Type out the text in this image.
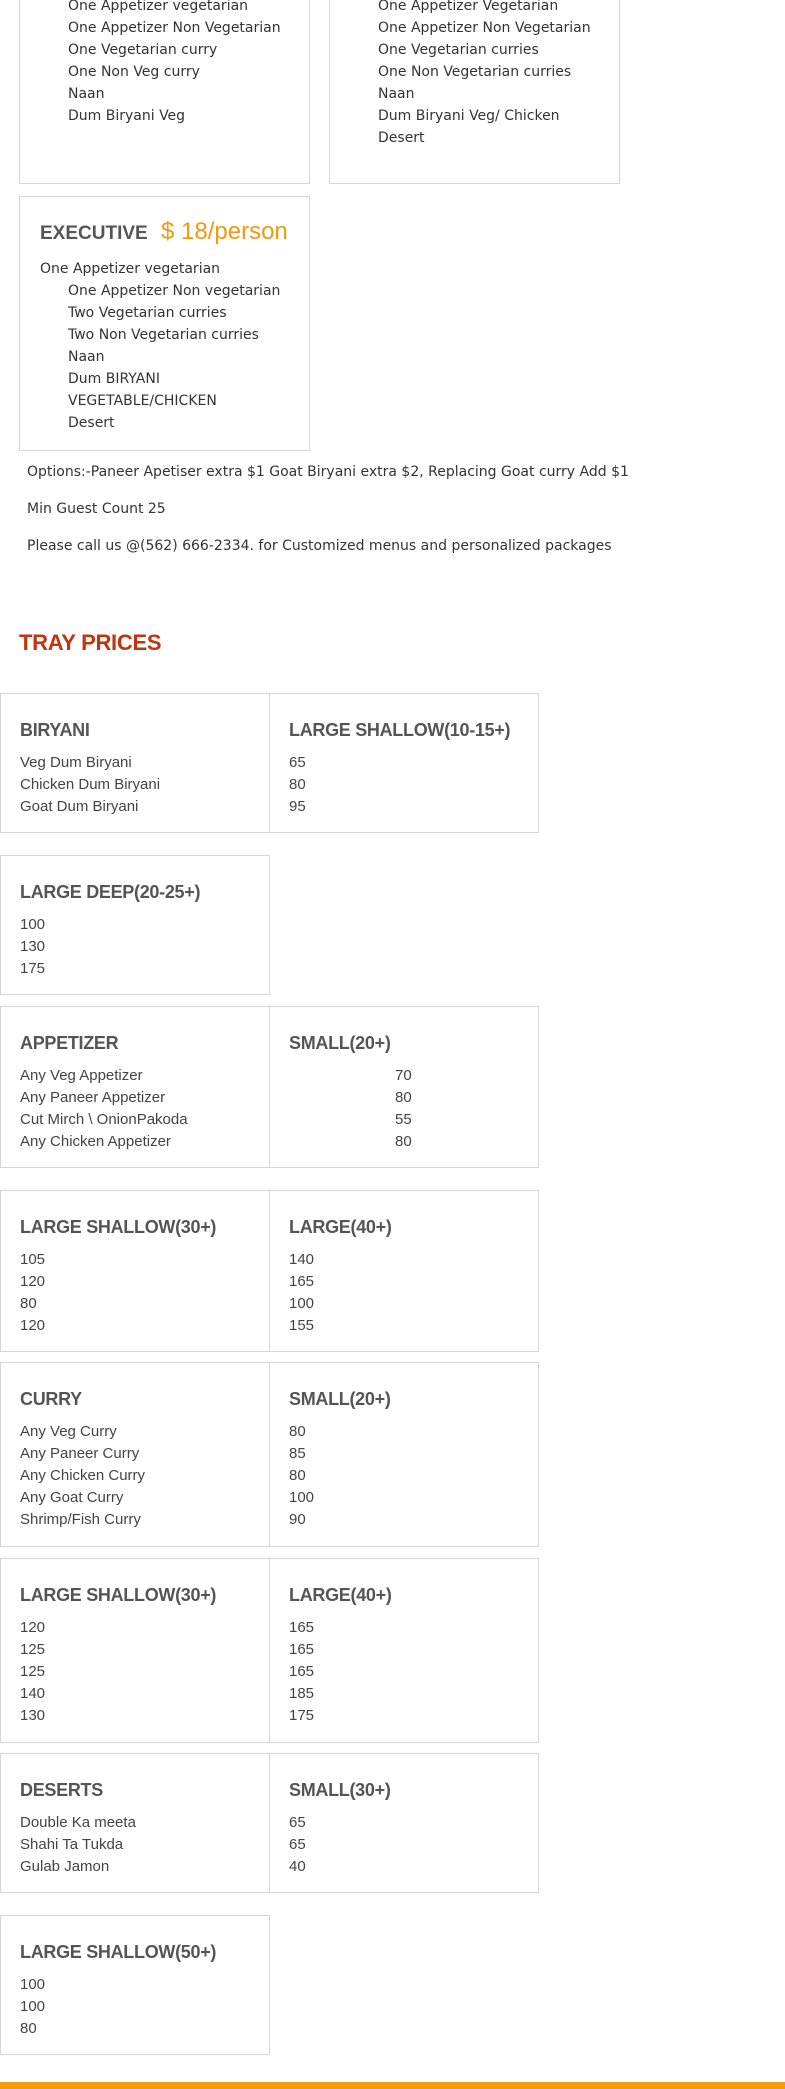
One Appetizer vegetarian
One Appetizer Non Vegetarian
One Vegetarian curry
One Non Veg curry
Naan
Dum Biryani Veg
One Appetizer Vegetarian
One Appetizer Non Vegetarian
One Vegetarian curries
One Non Vegetarian curries
Naan
Dum Biryani Veg/ Chicken
Desert
EXECUTIVE $ 18/person
One Appetizer vegetarian
One Appetizer Non vegetarian
Two Vegetarian curries
Two Non Vegetarian curries
Naan
Dum BIRYANI
VEGETABLE/CHICKEN
Desert
Options:-Paneer Apetiser extra $1 Goat Biryani extra $2, Replacing Goat curry Add $1
Min Guest Count 25
Please call us @(562) 666-2334. for Customized menus and personalized packages
TRAY PRICES
BIRYANI
Veg Dum Biryani
Chicken Dum Biryani
Goat Dum Biryani
LARGE SHALLOW(10-15+)
65
80
95
LARGE DEEP(20-25+)
100
130
175
APPETIZER
Any Veg Appetizer
Any Paneer Appetizer
Cut Mirch \ OnionPakoda
Any Chicken Appetizer
SMALL(20+)
70
80
55
80
LARGE SHALLOW(30+)
105
120
80
120
LARGE(40+)
140
165
100
155
CURRY
Any Veg Curry
Any Paneer Curry
Any Chicken Curry
Any Goat Curry
Shrimp/Fish Curry
SMALL(20+)
80
85
80
100
90
LARGE SHALLOW(30+)
120
125
125
140
130
LARGE(40+)
165
165
165
185
175
DESERTS
Double Ka meeta
Shahi Ta Tukda
Gulab Jamon
SMALL(30+)
65
65
40
LARGE SHALLOW(50+)
100
100
80
